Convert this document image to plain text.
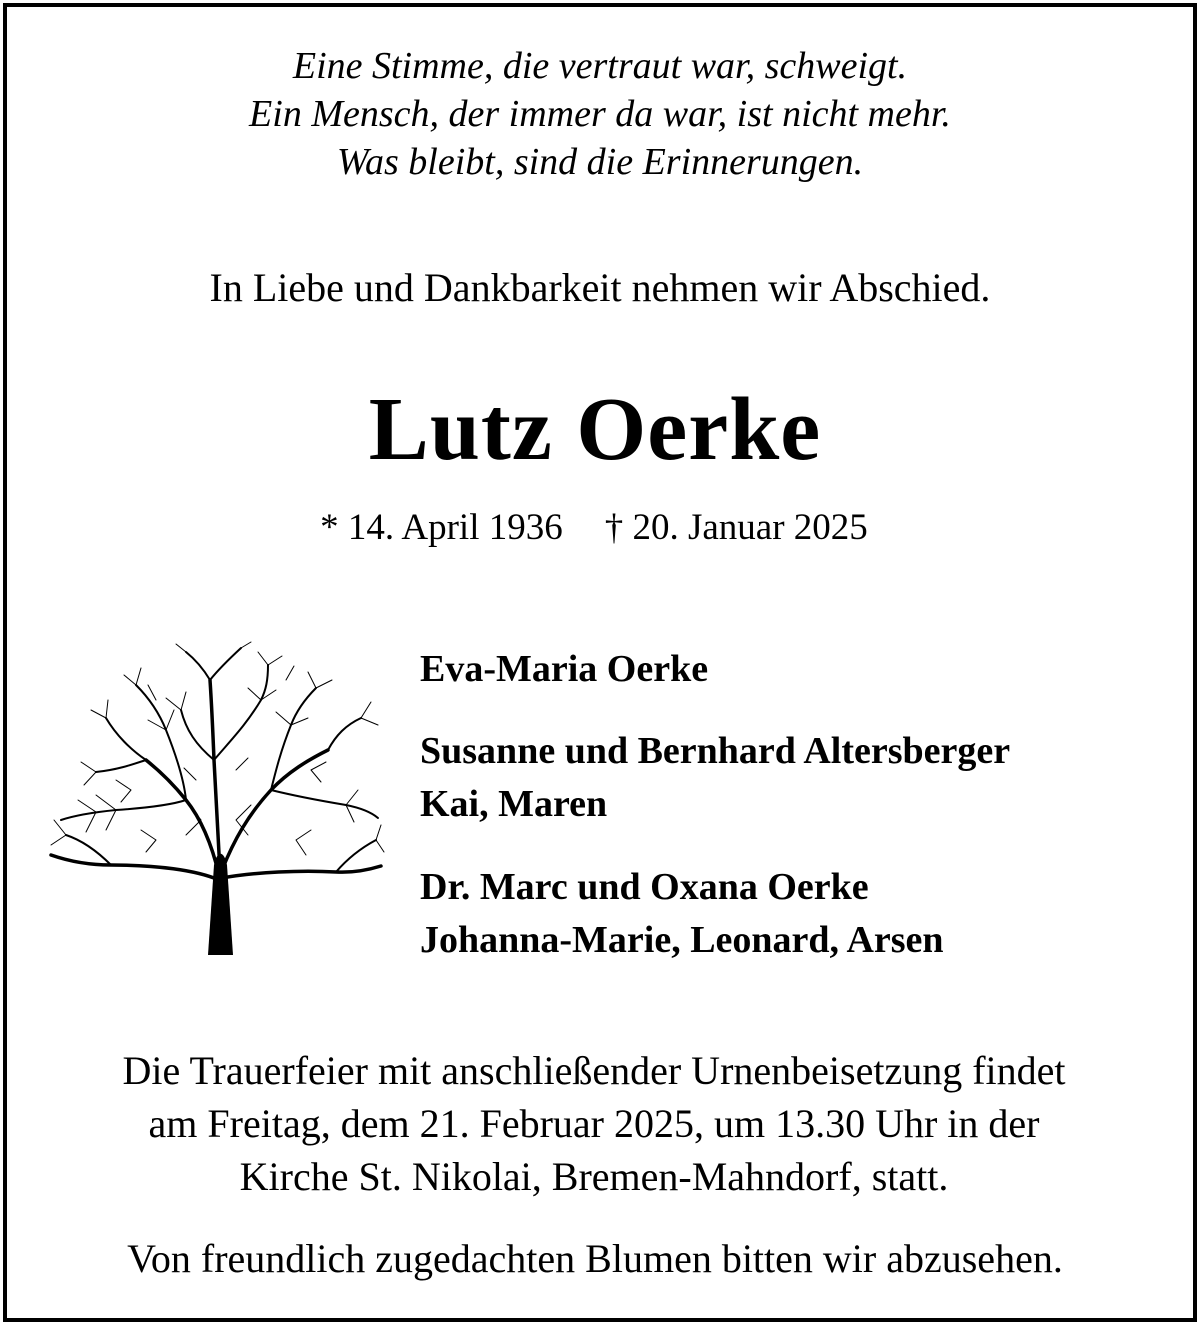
Eine Stimme, die vertraut war, schweigt.
Ein Mensch, der immer da war, ist nicht mehr.
Was bleibt, sind die Erinnerungen.
In Liebe und Dankbarkeit nehmen wir Abschied.
Lutz Oerke
* 14. April 1936 † 20. Januar 2025
Eva-Maria Oerke
Susanne und Bernhard Altersberger
Kai, Maren
Dr. Marc und Oxana Oerke
Johanna-Marie, Leonard, Arsen
Die Trauerfeier mit anschließender Urnenbeisetzung findet
am Freitag, dem 21. Februar 2025, um 13.30 Uhr in der
Kirche St. Nikolai, Bremen-Mahndorf, statt.
Von freundlich zugedachten Blumen bitten wir abzusehen.
